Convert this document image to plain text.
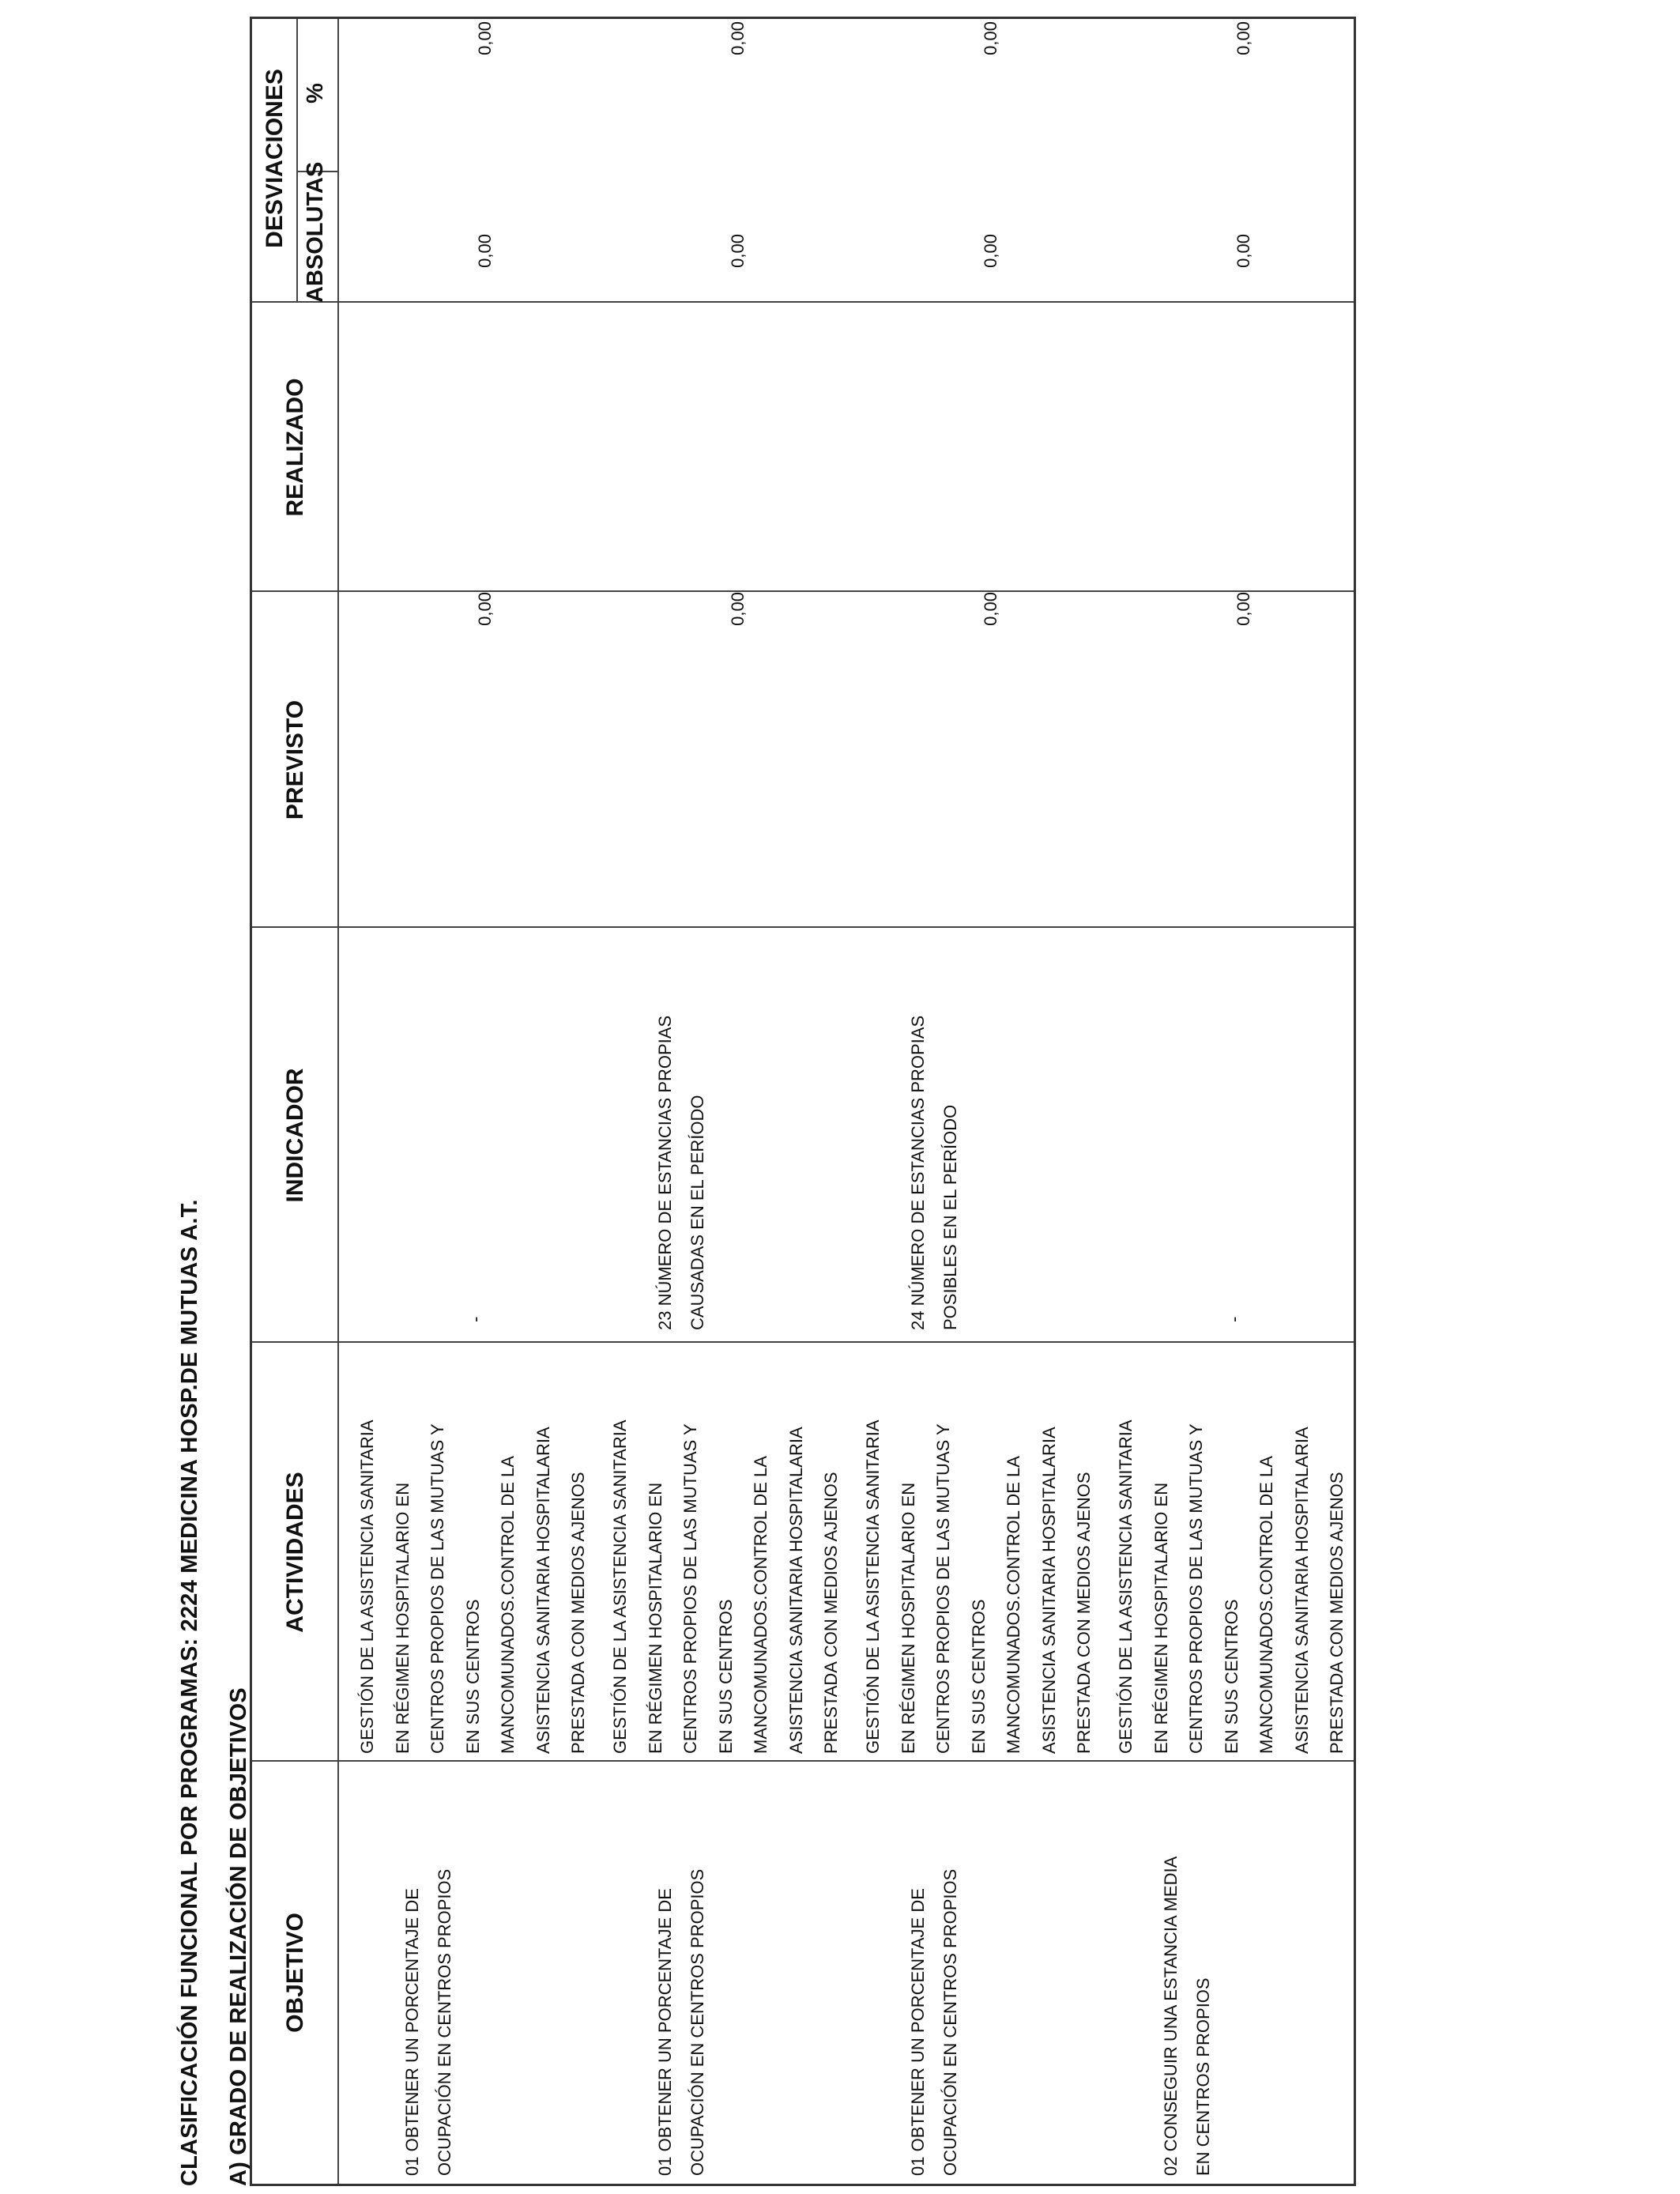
CLASIFICACIÓN FUNCIONAL POR PROGRAMAS: 2224 MEDICINA HOSP.DE MUTUAS A.T. A) GRADO DE REALIZACIÓN DE OBJETIVOS OBJETIVO
ACTIVIDADES
INDICADOR
PREVISTO
REALIZADO
DESVIACIONES ABSOLUTAS
%
01 OBTENER UN PORCENTAJE DE
OCUPACIÓN EN CENTROS PROPIOS
GESTIÓN DE LA ASISTENCIA SANITARIA
EN RÉGIMEN HOSPITALARIO EN
CENTROS PROPIOS DE LAS MUTUAS Y
EN SUS CENTROS
MANCOMUNADOS.CONTROL DE LA
ASISTENCIA SANITARIA HOSPITALARIA
PRESTADA CON MEDIOS AJENOS
-
0,00
0,00
0,00
01 OBTENER UN PORCENTAJE DE
OCUPACIÓN EN CENTROS PROPIOS
GESTIÓN DE LA ASISTENCIA SANITARIA
EN RÉGIMEN HOSPITALARIO EN
CENTROS PROPIOS DE LAS MUTUAS Y
EN SUS CENTROS
MANCOMUNADOS.CONTROL DE LA
ASISTENCIA SANITARIA HOSPITALARIA
PRESTADA CON MEDIOS AJENOS
23 NÚMERO DE ESTANCIAS PROPIAS
CAUSADAS EN EL PERÍODO
0,00
0,00
0,00
01 OBTENER UN PORCENTAJE DE
OCUPACIÓN EN CENTROS PROPIOS
GESTIÓN DE LA ASISTENCIA SANITARIA
EN RÉGIMEN HOSPITALARIO EN
CENTROS PROPIOS DE LAS MUTUAS Y
EN SUS CENTROS
MANCOMUNADOS.CONTROL DE LA
ASISTENCIA SANITARIA HOSPITALARIA
PRESTADA CON MEDIOS AJENOS
24 NÚMERO DE ESTANCIAS PROPIAS
POSIBLES EN EL PERÍODO
0,00
0,00
0,00
02 CONSEGUIR UNA ESTANCIA MEDIA
EN CENTROS PROPIOS
GESTIÓN DE LA ASISTENCIA SANITARIA
EN RÉGIMEN HOSPITALARIO EN
CENTROS PROPIOS DE LAS MUTUAS Y
EN SUS CENTROS
MANCOMUNADOS.CONTROL DE LA
ASISTENCIA SANITARIA HOSPITALARIA
PRESTADA CON MEDIOS AJENOS
-
0,00
0,00
0,00
